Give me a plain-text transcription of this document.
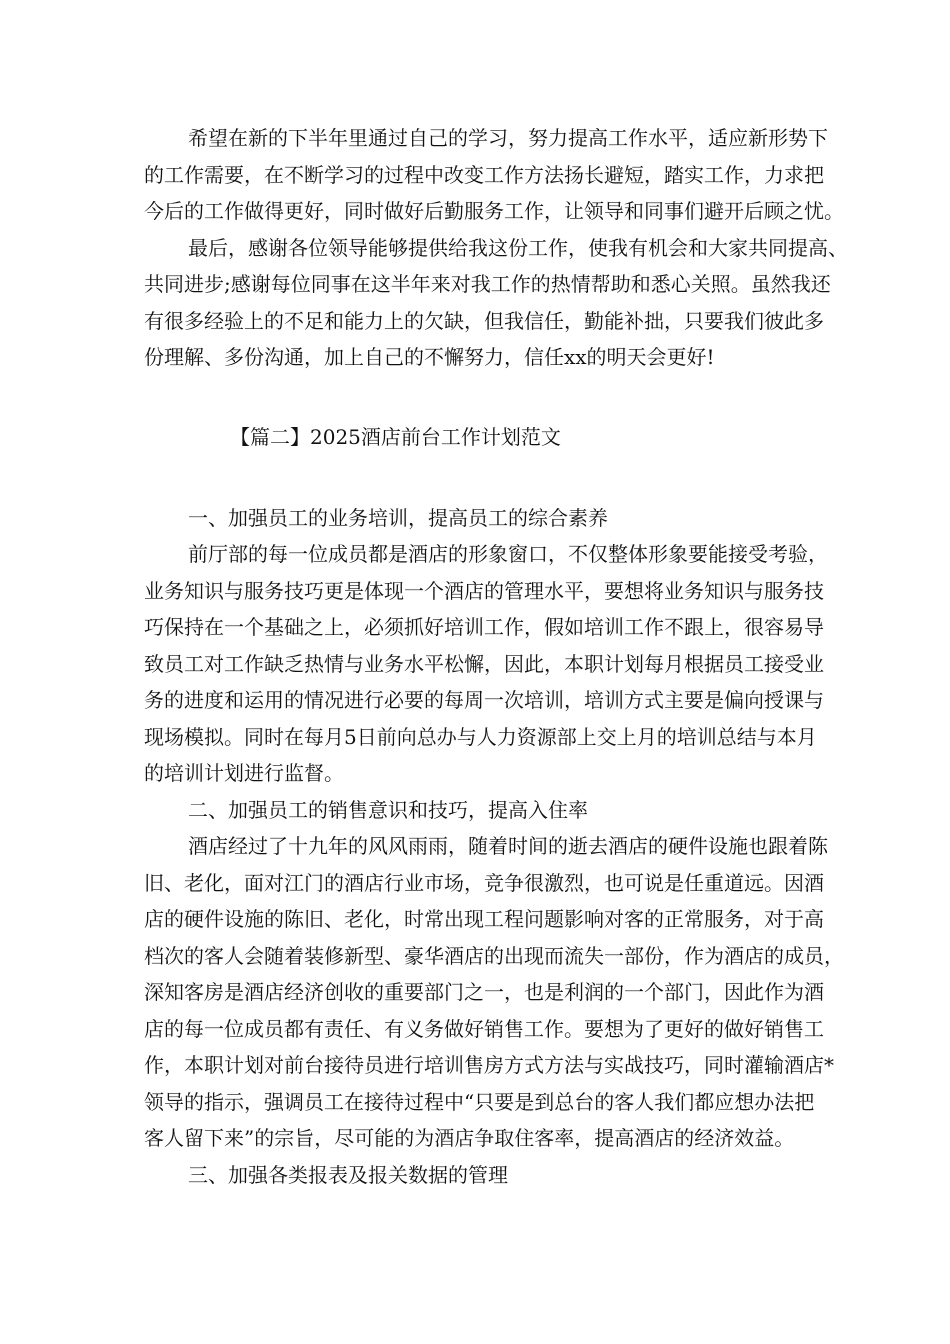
希望在新的下半年里通过自己的学习，努力提高工作水平，适应新形势下
的工作需要，在不断学习的过程中改变工作方法扬长避短，踏实工作，力求把
今后的工作做得更好，同时做好后勤服务工作，让领导和同事们避开后顾之忧。
最后，感谢各位领导能够提供给我这份工作，使我有机会和大家共同提高、
共同进步;感谢每位同事在这半年来对我工作的热情帮助和悉心关照。虽然我还
有很多经验上的不足和能力上的欠缺，但我信任，勤能补拙，只要我们彼此多
份理解、多份沟通，加上自己的不懈努力，信任xx的明天会更好!
【篇二】2025酒店前台工作计划范文
一、加强员工的业务培训，提高员工的综合素养
前厅部的每一位成员都是酒店的形象窗口，不仅整体形象要能接受考验，
业务知识与服务技巧更是体现一个酒店的管理水平，要想将业务知识与服务技
巧保持在一个基础之上，必须抓好培训工作，假如培训工作不跟上，很容易导
致员工对工作缺乏热情与业务水平松懈，因此，本职计划每月根据员工接受业
务的进度和运用的情况进行必要的每周一次培训，培训方式主要是偏向授课与
现场模拟。同时在每月5日前向总办与人力资源部上交上月的培训总结与本月
的培训计划进行监督。
二、加强员工的销售意识和技巧，提高入住率
酒店经过了十九年的风风雨雨，随着时间的逝去酒店的硬件设施也跟着陈
旧、老化，面对江门的酒店行业市场，竞争很激烈，也可说是任重道远。因酒
店的硬件设施的陈旧、老化，时常出现工程问题影响对客的正常服务，对于高
档次的客人会随着装修新型、豪华酒店的出现而流失一部份，作为酒店的成员，
深知客房是酒店经济创收的重要部门之一，也是利润的一个部门，因此作为酒
店的每一位成员都有责任、有义务做好销售工作。要想为了更好的做好销售工
作，本职计划对前台接待员进行培训售房方式方法与实战技巧，同时灌输酒店*
领导的指示，强调员工在接待过程中“只要是到总台的客人我们都应想办法把
客人留下来”的宗旨，尽可能的为酒店争取住客率，提高酒店的经济效益。
三、加强各类报表及报关数据的管理
